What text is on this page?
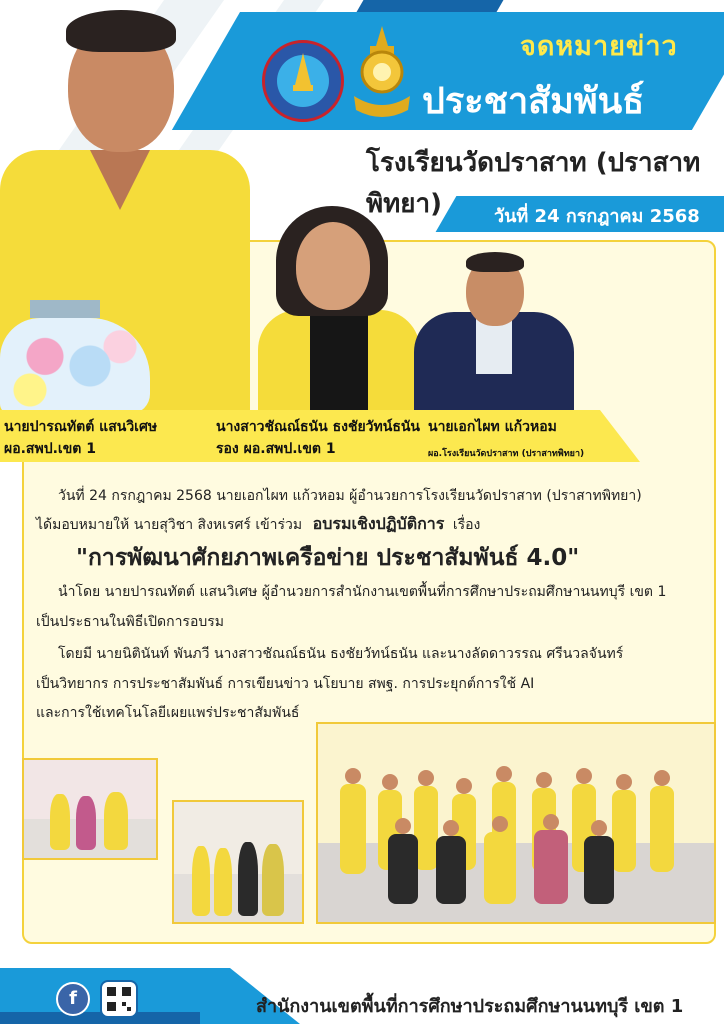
จดหมายข่าว
ประชาสัมพันธ์
โรงเรียนวัดปราสาท (ปราสาทพิทยา)	วันที่ 24 กรกฎาคม 2568
นายปารณทัตต์ แสนวิเศษ
ผอ.สพป.เขต 1
นางสาวชัณณ์ธนัน ธงชัยวัทน์ธนัน
รอง ผอ.สพป.เขต 1
นายเอกไผท แก้วหอม
ผอ.โรงเรียนวัดปราสาท (ปราสาทพิทยา)
วันที่ 24 กรกฎาคม 2568 นายเอกไผท แก้วหอม ผู้อำนวยการโรงเรียนวัดปราสาท (ปราสาทพิทยา)
ได้มอบหมายให้ นายสุวิชา สิงหเรศร์ เข้าร่วม อบรมเชิงปฏิบัติการ เรื่อง
"การพัฒนาศักยภาพเครือข่าย ประชาสัมพันธ์ 4.0"
นำโดย นายปารณทัตต์ แสนวิเศษ ผู้อำนวยการสำนักงานเขตพื้นที่การศึกษาประถมศึกษานนทบุรี เขต 1
เป็นประธานในพิธีเปิดการอบรม
โดยมี นายนิตินันท์ พันภวี นางสาวชัณณ์ธนัน ธงชัยวัทน์ธนัน และนางลัดดาวรรณ ศรีนวลจันทร์
เป็นวิทยากร การประชาสัมพันธ์ การเขียนข่าว นโยบาย สพฐ. การประยุกต์การใช้ AI
และการใช้เทคโนโลยีเผยแพร่ประชาสัมพันธ์
f	สำนักงานเขตพื้นที่การศึกษาประถมศึกษานนทบุรี เขต 1
